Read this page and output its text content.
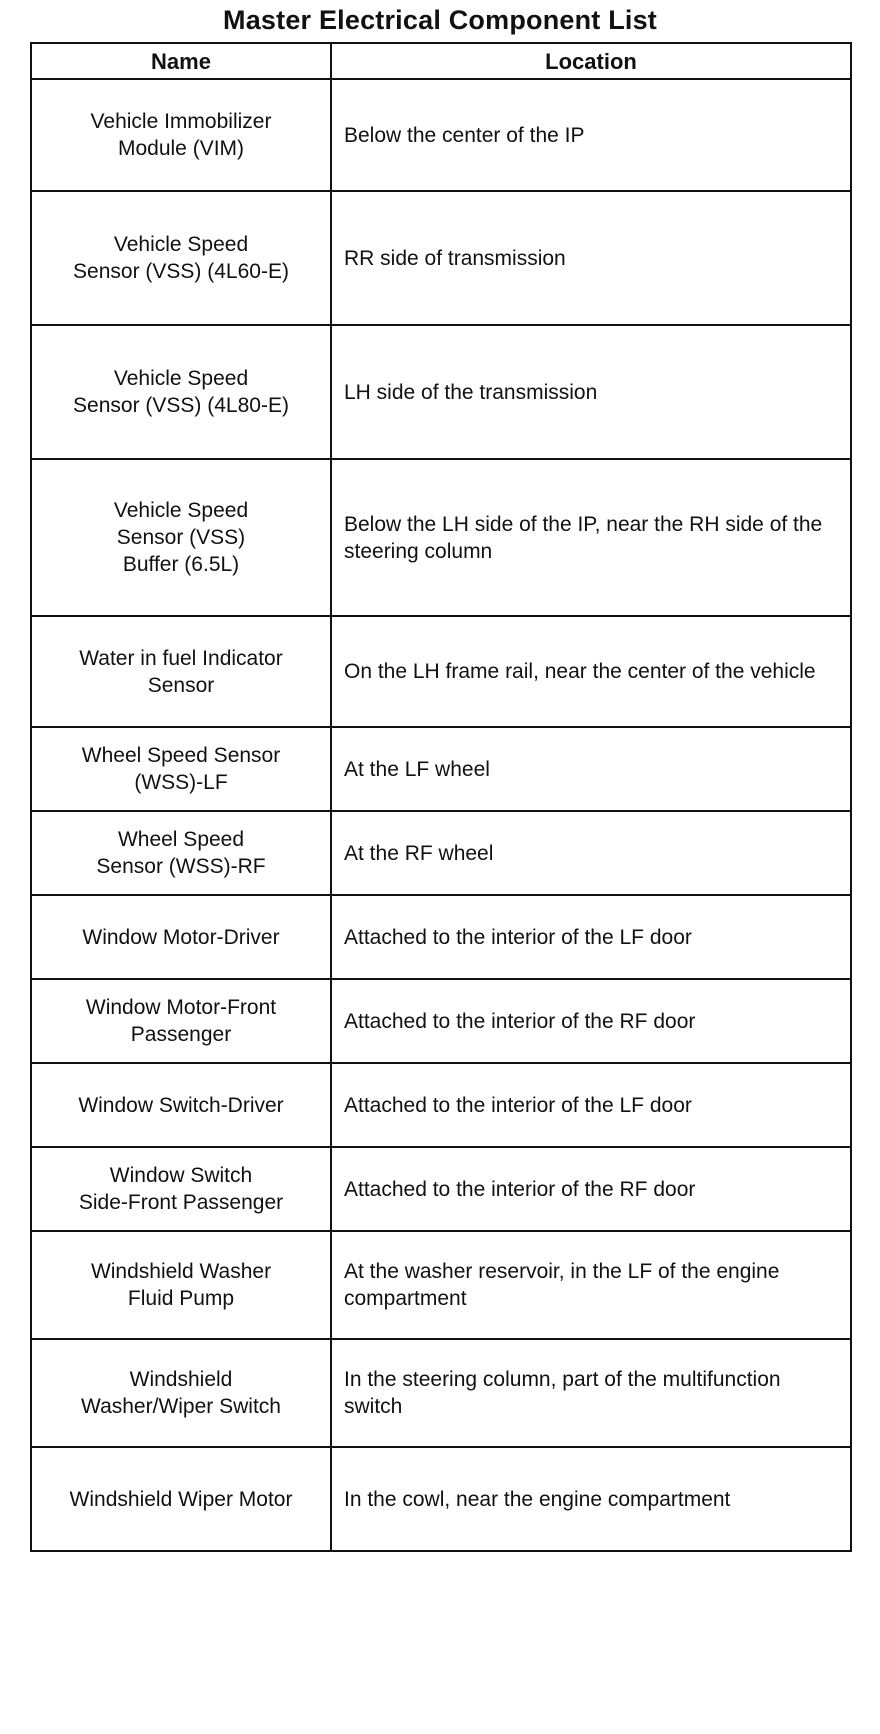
Master Electrical Component List
Name	Location
Vehicle Immobilizer
Module (VIM)	Below the center of the IP
Vehicle Speed
Sensor (VSS) (4L60-E)	RR side of transmission
Vehicle Speed
Sensor (VSS) (4L80-E)	LH side of the transmission
Vehicle Speed
Sensor (VSS)
Buffer (6.5L)	Below the LH side of the IP, near the RH side of the steering column
Water in fuel Indicator
Sensor	On the LH frame rail, near the center of the vehicle
Wheel Speed Sensor
(WSS)-LF	At the LF wheel
Wheel Speed
Sensor (WSS)-RF	At the RF wheel
Window Motor-Driver	Attached to the interior of the LF door
Window Motor-Front
Passenger	Attached to the interior of the RF door
Window Switch-Driver	Attached to the interior of the LF door
Window Switch
Side-Front Passenger	Attached to the interior of the RF door
Windshield Washer
Fluid Pump	At the washer reservoir, in the LF of the engine compartment
Windshield
Washer/Wiper Switch	In the steering column, part of the multifunction switch
Windshield Wiper Motor	In the cowl, near the engine compartment
